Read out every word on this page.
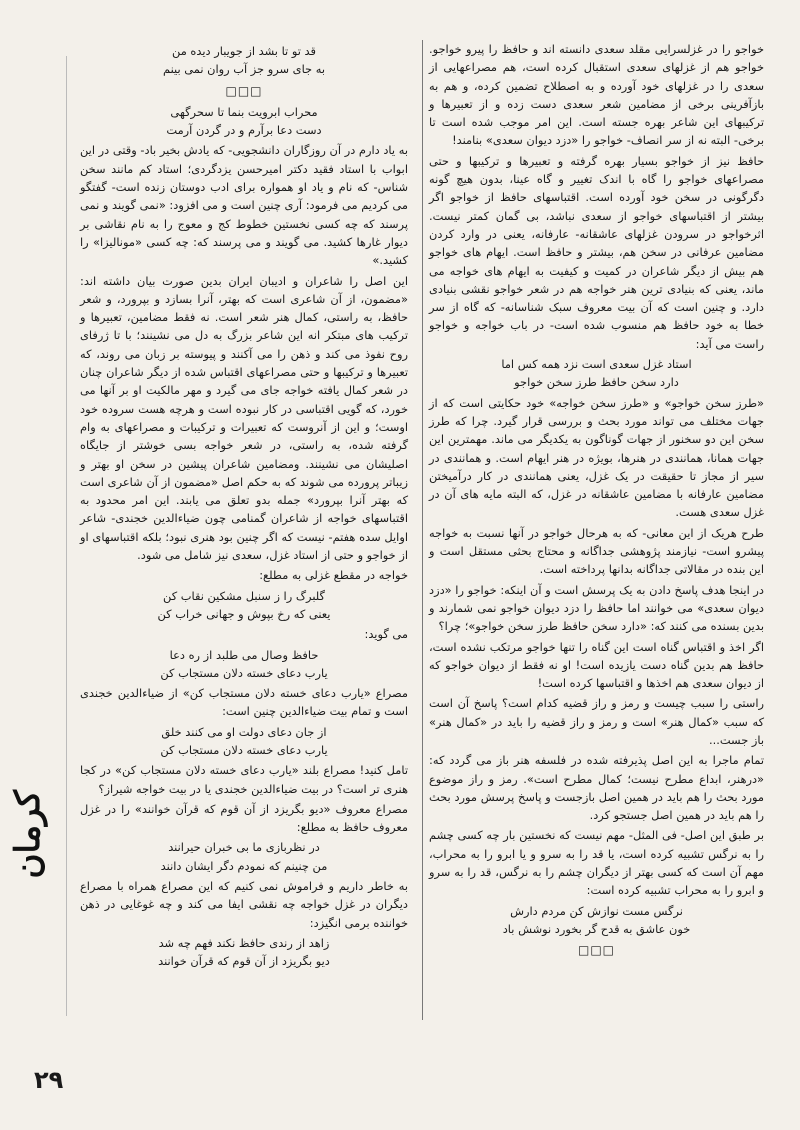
خواجو را در غزلسرایی مقلد سعدی دانسته اند و حافظ را پیرو خواجو. خواجو هم از غزلهای سعدی استقبال کرده است، هم مصراعهایی از سعدی را در غزلهای خود آورده و به اصطلاح تضمین کرده، و هم به بازآفرینی برخی از مضامین شعر سعدی دست زده و از تعبیرها و ترکیبهای این شاعر بهره جسته است. این امر موجب شده است تا برخی- البته نه از سر انصاف- خواجو را «دزد دیوان سعدی» بنامند!

حافظ نیز از خواجو بسیار بهره گرفته و تعبیرها و ترکیبها و حتی مصراعهای خواجو را گاه با اندک تغییر و گاه عینا، بدون هیچ گونه دگرگونی در سخن خود آورده است. اقتباسهای حافظ از خواجو اگر بیشتر از اقتباسهای خواجو از سعدی نباشد، بی گمان کمتر نیست. اثرخواجو در سرودن غزلهای عاشقانه- عارفانه، یعنی در وارد کردن مضامین عرفانی در سخن هم، بیشتر و حافظ است. ایهام های خواجو هم بیش از دیگر شاعران در کمیت و کیفیت به ایهام های خواجه می ماند، یعنی که بنیادی ترین هنر خواجه هم در شعر خواجو نقشی بنیادی دارد. و چنین است که آن بیت معروف سبک شناسانه- که گاه از سر خطا به خود حافظ هم منسوب شده است- در باب خواجه و خواجو راست می آید:

استاد غزل سعدی است نزد همه کس اما
دارد سخن حافظ طرز سخن خواجو

«طرز سخن خواجو» و «طرز سخن خواجه» خود حکایتی است که از جهات مختلف می تواند مورد بحث و بررسی قرار گیرد. چرا که طرز سخن این دو سخنور از جهات گوناگون به یکدیگر می ماند. مهمترین این جهات همانا، همانندی در هنرها، بویژه در هنر ایهام است. و همانندی در سیر از مجاز تا حقیقت در یک غزل، یعنی همانندی در کار درآمیختن مضامین عارفانه با مضامین عاشقانه در غزل، که البته مایه های آن در غزل سعدی هست.

طرح هریک از این معانی- که به هرحال خواجو در آنها نسبت به خواجه پیشرو است- نیازمند پژوهشی جداگانه و محتاج بحثی مستقل است و این بنده در مقالاتی جداگانه بدانها پرداخته است.

در اینجا هدف پاسخ دادن به یک پرسش است و آن اینکه: خواجو را «دزد دیوان سعدی» می خوانند اما حافظ را دزد دیوان خواجو نمی شمارند و بدین بسنده می کنند که: «دارد سخن حافظ طرز سخن خواجو»؛ چرا؟

اگر اخذ و اقتباس گناه است این گناه را تنها خواجو مرتکب نشده است، حافظ هم بدین گناه دست یازیده است! او نه فقط از دیوان خواجو که از دیوان سعدی هم اخذها و اقتباسها کرده است!

راستی را سبب چیست و رمز و راز قضیه کدام است؟ پاسخ آن است که سبب «کمال هنر» است و رمز و راز قضیه را باید در «کمال هنر» باز جست...

تمام ماجرا به این اصل پذیرفته شده در فلسفه هنر باز می گردد که: «درهنر، ابداع مطرح نیست؛ کمال مطرح است». رمز و راز موضوع مورد بحث را هم باید در همین اصل بازجست و پاسخ پرسش مورد بحث را هم باید در همین اصل جستجو کرد.

بر طبق این اصل- فی المثل- مهم نیست که نخستین بار چه کسی چشم را به نرگس تشبیه کرده است، یا قد را به سرو و یا ابرو را به محراب، مهم آن است که کسی بهتر از دیگران چشم را به نرگس، قد را به سرو و ابرو را به محراب تشبیه کرده است:

نرگس مست نوازش کن مردم دارش
خون عاشق به قدح گر بخورد نوشش باد
□□□
قد تو تا بشد از جویبار دیده من
به جای سرو جز آب روان نمی بینم
□□□
محراب ابرویت بنما تا سحرگهی
دست دعا برآرم و در گردن آرمت

به یاد دارم در آن روزگاران دانشجویی- که یادش بخیر باد- وقتی در این ابواب با استاد فقید دکتر امیرحسن یزدگردی؛ استاد کم مانند سخن شناس- که نام و یاد او همواره برای ادب دوستان زنده است- گفتگو می کردیم می فرمود: آری چنین است و می افزود: «نمی گویند و نمی پرسند که چه کسی نخستین خطوط کج و معوج را به نام نقاشی بر دیوار غارها کشید. می گویند و می پرسند که: چه کسی «مونالیزا» را کشید.»

این اصل را شاعران و ادیبان ایران بدین صورت بیان داشته اند: «مضمون، از آن شاعری است که بهتر، آنرا بسازد و بپرورد، و شعر حافظ، به راستی، کمال هنر شعر است. نه فقط مضامین، تعبیرها و ترکیب های مبتکر انه این شاعر بزرگ به دل می نشینند؛ با تا ژرفای روح نفوذ می کند و ذهن را می آکنند و پیوسته بر زبان می روند، که تعبیرها و ترکیبها و حتی مصراعهای اقتباس شده از دیگر شاعران چنان در شعر کمال یافته خواجه جای می گیرد و مهر مالکیت او بر آنها می خورد، که گویی اقتباسی در کار نبوده است و هرچه هست سروده خود اوست؛ و این از آنروست که تعبیرات و ترکیبات و مصراعهای به وام گرفته شده، به راستی، در شعر خواجه بسی خوشتر از جایگاه اصلیشان می نشینند. ومضامین شاعران پیشین در سخن او بهتر و زیباتر پرورده می شوند که به حکم اصل «مضمون از آن شاعری است که بهتر آنرا بپرورد» جمله بدو تعلق می یابند. این امر محدود به اقتباسهای خواجه از شاعران گمنامی چون ضیاءالدین خجندی- شاعر اوایل سده هفتم- نیست که اگر چنین بود هنری نبود؛ بلکه اقتباسهای او از خواجو و حتی از استاد غزل، سعدی نیز شامل می شود.

خواجه در مقطع غزلی به مطلع:

گلبرگ را ز سنبل مشکین نقاب کن
یعنی که رخ بپوش و جهانی خراب کن

می گوید:

حافظ وصال می طلبد از ره دعا
یارب دعای خسته دلان مستجاب کن

مصراع «یارب دعای خسته دلان مستجاب کن» از ضیاءالدین خجندی است و تمام بیت ضیاءالدین چنین است:

از جان دعای دولت او می کنند خلق
یارب دعای خسته دلان مستجاب کن

تامل کنید! مصراع بلند «یارب دعای خسته دلان مستجاب کن» در کجا هنری تر است؟ در بیت ضیاءالدین خجندی یا در بیت خواجه شیراز؟

مصراع معروف «دیو بگریزد از آن قوم که قرآن خوانند» را در غزل معروف حافظ به مطلع:

در نظربازی ما بی خبران حیرانند
من چنینم که نمودم دگر ایشان دانند

به خاطر داریم و فراموش نمی کنیم که این مصراع همراه با مصراع دیگران در غزل خواجه چه نقشی ایفا می کند و چه غوغایی در ذهن خواننده برمی انگیزد:

زاهد از رندی حافظ نکند فهم چه شد
دیو بگریزد از آن قوم که قرآن خوانند
کرمان
۲۹
